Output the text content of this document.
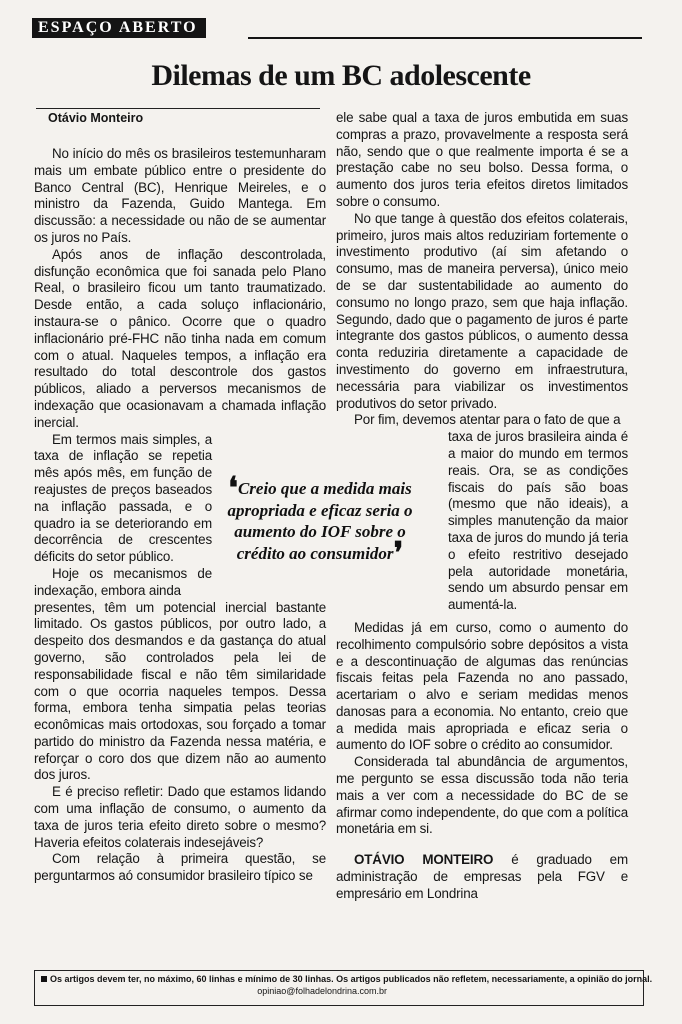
ESPAÇO ABERTO
Dilemas de um BC adolescente
Otávio Monteiro

No início do mês os brasileiros testemunharam mais um embate público entre o presidente do Banco Central (BC), Henrique Meireles, e o ministro da Fazenda, Guido Mantega. Em discussão: a necessidade ou não de se aumentar os juros no País.

Após anos de inflação descontrolada, disfunção econômica que foi sanada pelo Plano Real, o brasileiro ficou um tanto traumatizado. Desde então, a cada soluço inflacionário, instaura-se o pânico. Ocorre que o quadro inflacionário pré-FHC não tinha nada em comum com o atual. Naqueles tempos, a inflação era resultado do total descontrole dos gastos públicos, aliado a perversos mecanismos de indexação que ocasionavam a chamada inflação inercial.

Em termos mais simples, a taxa de inflação se repetia mês após mês, em função de reajustes de preços baseados na inflação passada, e o quadro ia se deteriorando em decorrência de crescentes déficits do setor público.

Hoje os mecanismos de indexação, embora ainda

presentes, têm um potencial inercial bastante limitado. Os gastos públicos, por outro lado, a despeito dos desmandos e da gastança do atual governo, são controlados pela lei de responsabilidade fiscal e não têm similaridade com o que ocorria naqueles tempos. Dessa forma, embora tenha simpatia pelas teorias econômicas mais ortodoxas, sou forçado a tomar partido do ministro da Fazenda nessa matéria, e reforçar o coro dos que dizem não ao aumento dos juros.

E é preciso refletir: Dado que estamos lidando com uma inflação de consumo, o aumento da taxa de juros teria efeito direto sobre o mesmo? Haveria efeitos colaterais indesejáveis?

Com relação à primeira questão, se perguntarmos aó consumidor brasileiro típico se

❛Creio que a medida mais apropriada e eficaz seria o aumento do IOF sobre o crédito ao consumidor❜

ele sabe qual a taxa de juros embutida em suas compras a prazo, provavelmente a resposta será não, sendo que o que realmente importa é se a prestação cabe no seu bolso. Dessa forma, o aumento dos juros teria efeitos diretos limitados sobre o consumo.

No que tange à questão dos efeitos colaterais, primeiro, juros mais altos reduziriam fortemente o investimento produtivo (aí sim afetando o consumo, mas de maneira perversa), único meio de se dar sustentabilidade ao aumento do consumo no longo prazo, sem que haja inflação. Segundo, dado que o pagamento de juros é parte integrante dos gastos públicos, o aumento dessa conta reduziria diretamente a capacidade de investimento do governo em infraestrutura, necessária para viabilizar os investimentos produtivos do setor privado.

Por fim, devemos atentar para o fato de que a

taxa de juros brasileira ainda é a maior do mundo em termos reais. Ora, se as condições fiscais do país são boas (mesmo que não ideais), a simples manutenção da maior taxa de juros do mundo já teria o efeito restritivo desejado pela autoridade monetária, sendo um absurdo pensar em aumentá-la.

Medidas já em curso, como o aumento do recolhimento compulsório sobre depósitos a vista e a descontinuação de algumas das renúncias fiscais feitas pela Fazenda no ano passado, acertariam o alvo e seriam medidas menos danosas para a economia. No entanto, creio que a medida mais apropriada e eficaz seria o aumento do IOF sobre o crédito ao consumidor.

Considerada tal abundância de argumentos, me pergunto se essa discussão toda não teria mais a ver com a necessidade do BC de se afirmar como independente, do que com a política monetária em si.

OTÁVIO MONTEIRO é graduado em administração de empresas pela FGV e empresário em Londrina

Os artigos devem ter, no máximo, 60 linhas e mínimo de 30 linhas. Os artigos publicados não refletem, necessariamente, a opinião do jornal.
opiniao@folhadelondrina.com.br
